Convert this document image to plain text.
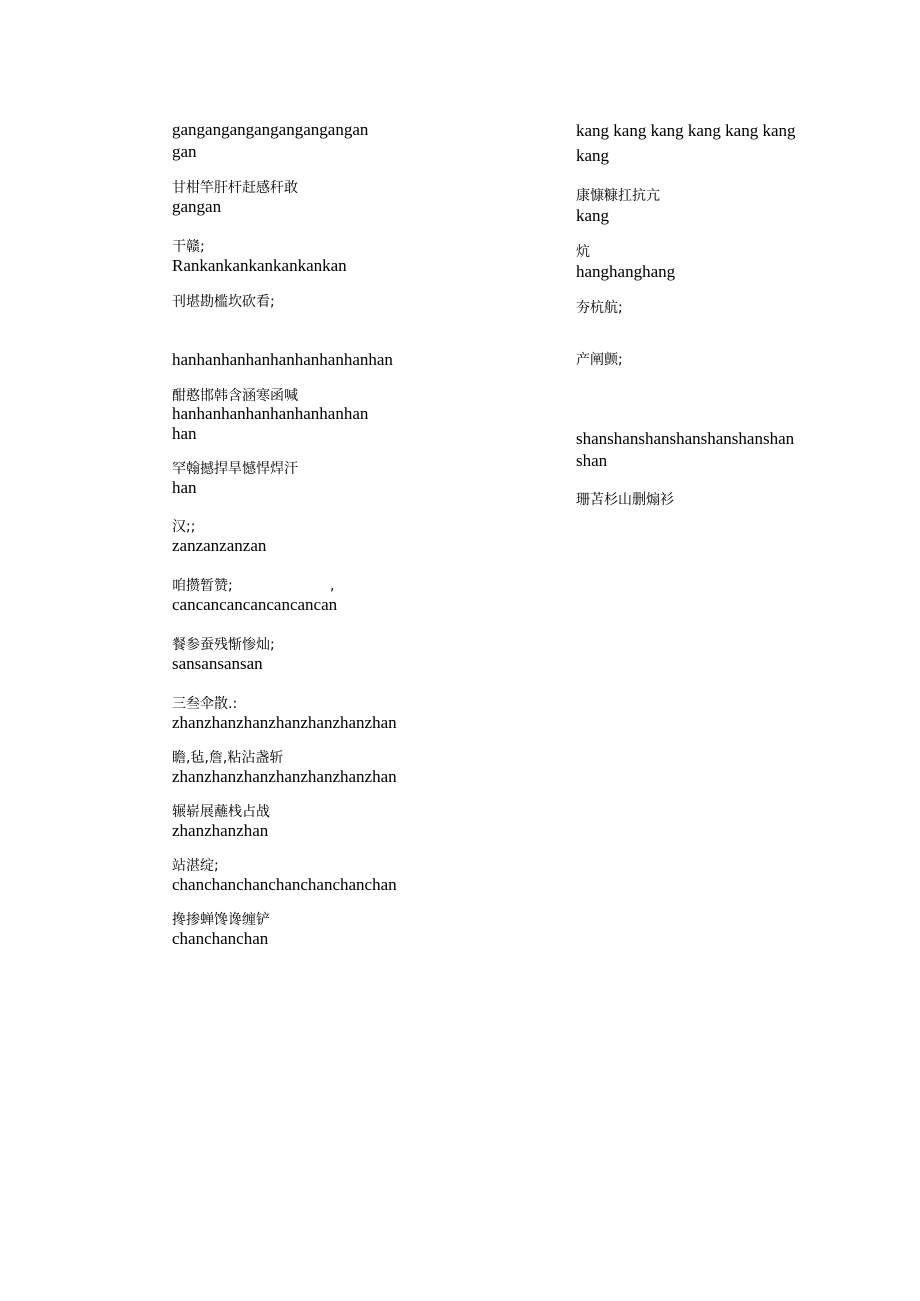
gangangangangangangangan
gan
甘柑竿肝杆赶感秆敢
gangan
干赣;
Rankankankankankankan
刊堪勘槛坎砍看;
hanhanhanhanhanhanhanhanhan
酣憨邯韩含涵寒函喊
hanhanhanhanhanhanhanhan
han
罕翰撼捍旱憾悍焊汗
han
汉;;
zanzanzanzan
咱攒暂赞;	,
cancancancancancancan
餐参蚕残惭惨灿;
sansansansan
三叁伞散.:
zhanzhanzhanzhanzhanzhanzhan
瞻,毡,詹,粘沾盏斩
zhanzhanzhanzhanzhanzhanzhan
辗崭展蘸栈占战
zhanzhanzhan
站湛绽;
chanchanchanchanchanchanchan
搀掺蝉馋谗缠铲
chanchanchan
kang kang kang kang kang kang
kang
康慷糠扛抗亢
kang
炕
hanghanghang
夯杭航;
产阐颤;
shanshanshanshanshanshanshan
shan
珊苫杉山删煽衫
